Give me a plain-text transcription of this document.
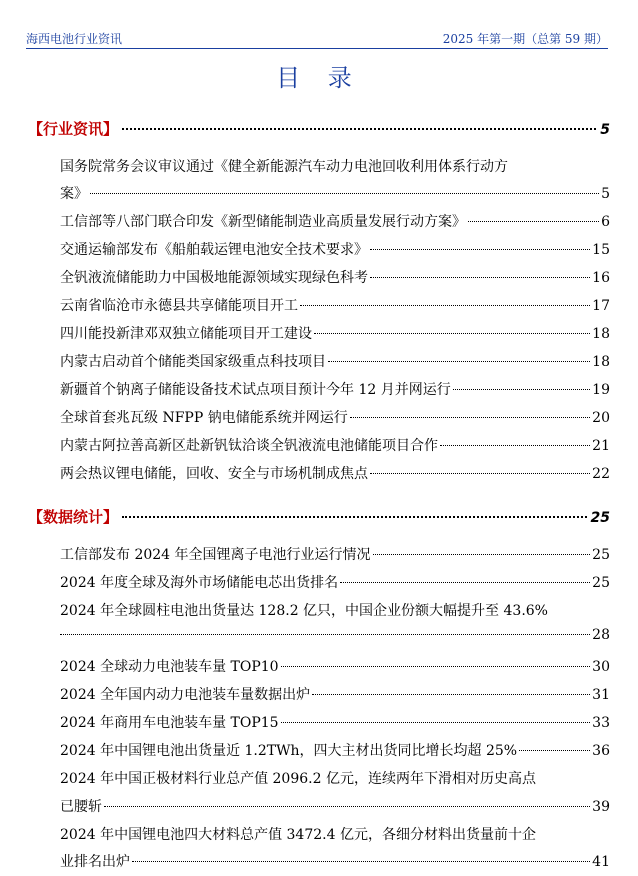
海西电池行业资讯	2025 年第一期（总第 59 期）
目 录
【行业资讯】	5
国务院常务会议审议通过《健全新能源汽车动力电池回收利用体系行动方
案》	5
工信部等八部门联合印发《新型储能制造业高质量发展行动方案》	6
交通运输部发布《船舶载运锂电池安全技术要求》	15
全钒液流储能助力中国极地能源领域实现绿色科考	16
云南省临沧市永德县共享储能项目开工	17
四川能投新津邓双独立储能项目开工建设	18
内蒙古启动首个储能类国家级重点科技项目	18
新疆首个钠离子储能设备技术试点项目预计今年 12 月并网运行	19
全球首套兆瓦级 NFPP 钠电储能系统并网运行	20
内蒙古阿拉善高新区赴新钒钛洽谈全钒液流电池储能项目合作	21
两会热议锂电储能，回收、安全与市场机制成焦点	22
【数据统计】	25
工信部发布 2024 年全国锂离子电池行业运行情况	25
2024 年度全球及海外市场储能电芯出货排名	25
2024 年全球圆柱电池出货量达 128.2 亿只，中国企业份额大幅提升至 43.6%
28
2024 全球动力电池装车量 TOP10	30
2024 全年国内动力电池装车量数据出炉	31
2024 年商用车电池装车量 TOP15	33
2024 年中国锂电池出货量近 1.2TWh，四大主材出货同比增长均超 25%	36
2024 年中国正极材料行业总产值 2096.2 亿元，连续两年下滑相对历史高点
已腰斩	39
2024 年中国锂电池四大材料总产值 3472.4 亿元，各细分材料出货量前十企
业排名出炉	41
